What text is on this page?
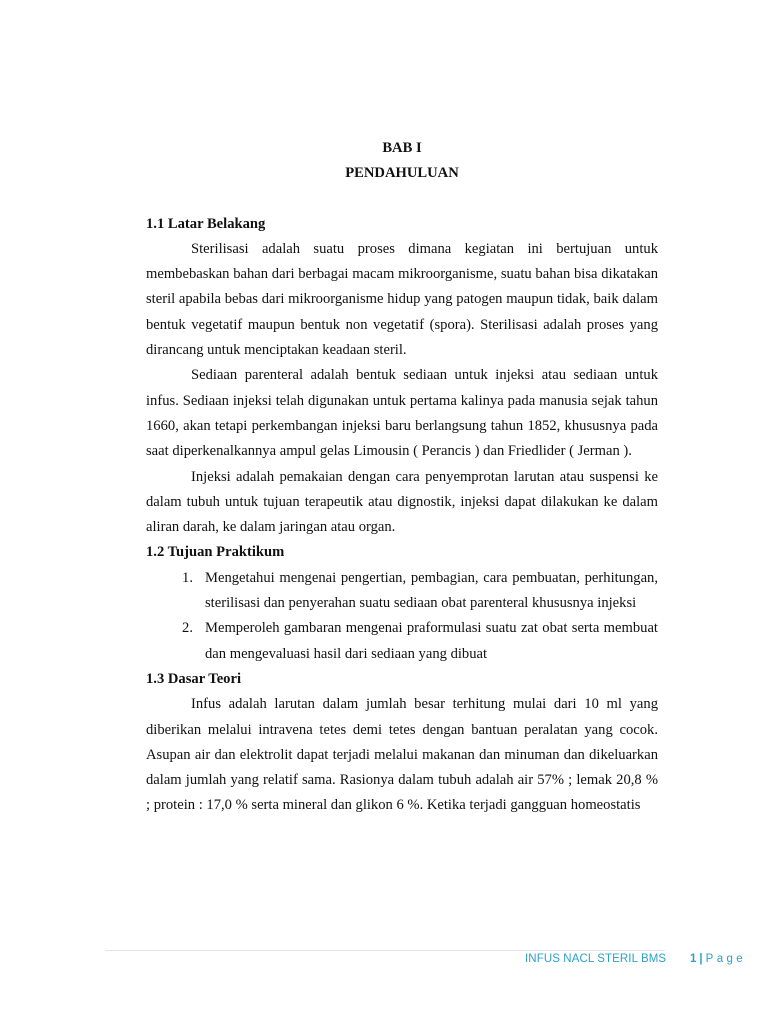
BAB I

PENDAHULUAN

1.1 Latar Belakang

Sterilisasi adalah suatu proses dimana kegiatan ini bertujuan untuk membebaskan bahan dari berbagai macam mikroorganisme, suatu bahan bisa dikatakan steril apabila bebas dari mikroorganisme hidup yang patogen maupun tidak, baik dalam bentuk vegetatif maupun bentuk non vegetatif (spora). Sterilisasi adalah proses yang dirancang untuk menciptakan keadaan steril.

Sediaan parenteral adalah bentuk sediaan untuk injeksi atau sediaan untuk infus. Sediaan injeksi telah digunakan untuk pertama kalinya pada manusia sejak tahun 1660, akan tetapi perkembangan injeksi baru berlangsung tahun 1852, khususnya pada saat diperkenalkannya ampul gelas Limousin ( Perancis ) dan Friedlider ( Jerman ).

Injeksi adalah pemakaian dengan cara penyemprotan larutan atau suspensi ke dalam tubuh untuk tujuan terapeutik atau dignostik, injeksi dapat dilakukan ke dalam aliran darah, ke dalam jaringan atau organ.

1.2 Tujuan Praktikum

1. Mengetahui mengenai pengertian, pembagian, cara pembuatan, perhitungan, sterilisasi dan penyerahan suatu sediaan obat parenteral khususnya injeksi
2. Memperoleh gambaran mengenai praformulasi suatu zat obat serta membuat dan mengevaluasi hasil dari sediaan yang dibuat

1.3 Dasar Teori

Infus adalah larutan dalam jumlah besar terhitung mulai dari 10 ml yang diberikan melalui intravena tetes demi tetes dengan bantuan peralatan yang cocok. Asupan air dan elektrolit dapat terjadi melalui makanan dan minuman dan dikeluarkan dalam jumlah yang relatif sama. Rasionya dalam tubuh adalah air 57% ; lemak 20,8 % ; protein : 17,0 % serta mineral dan glikon 6 %. Ketika terjadi gangguan homeostatis

INFUS NACL STERIL BMS 1 | Page
